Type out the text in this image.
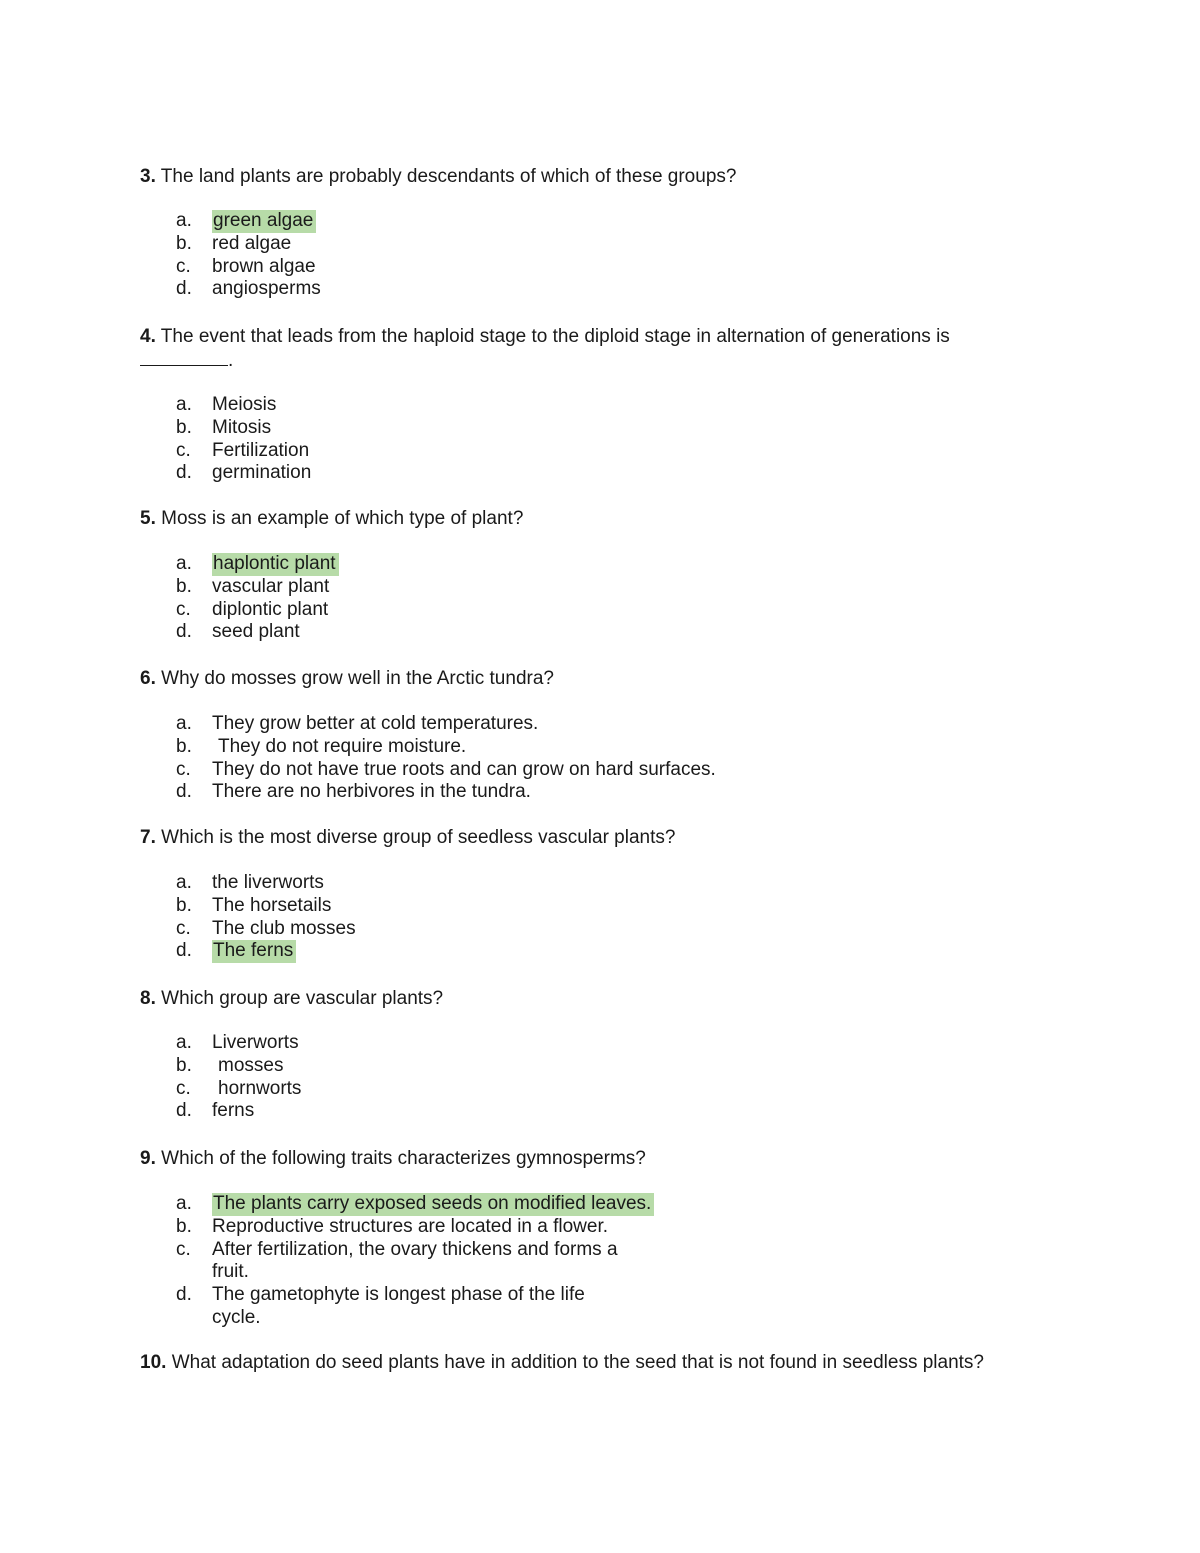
3. The land plants are probably descendants of which of these groups?
a. green algae
b. red algae
c. brown algae
d. angiosperms
4. The event that leads from the haploid stage to the diploid stage in alternation of generations is
.
a. Meiosis
b. Mitosis
c. Fertilization
d. germination
5. Moss is an example of which type of plant?
a. haplontic plant
b. vascular plant
c. diplontic plant
d. seed plant
6. Why do mosses grow well in the Arctic tundra?
a. They grow better at cold temperatures.
b. They do not require moisture.
c. They do not have true roots and can grow on hard surfaces.
d. There are no herbivores in the tundra.
7. Which is the most diverse group of seedless vascular plants?
a. the liverworts
b. The horsetails
c. The club mosses
d. The ferns
8. Which group are vascular plants?
a. Liverworts
b. mosses
c. hornworts
d. ferns
9. Which of the following traits characterizes gymnosperms?
a. The plants carry exposed seeds on modified leaves.
b. Reproductive structures are located in a flower.
c. After fertilization, the ovary thickens and forms a fruit.
d. The gametophyte is longest phase of the life cycle.
10. What adaptation do seed plants have in addition to the seed that is not found in seedless plants?
